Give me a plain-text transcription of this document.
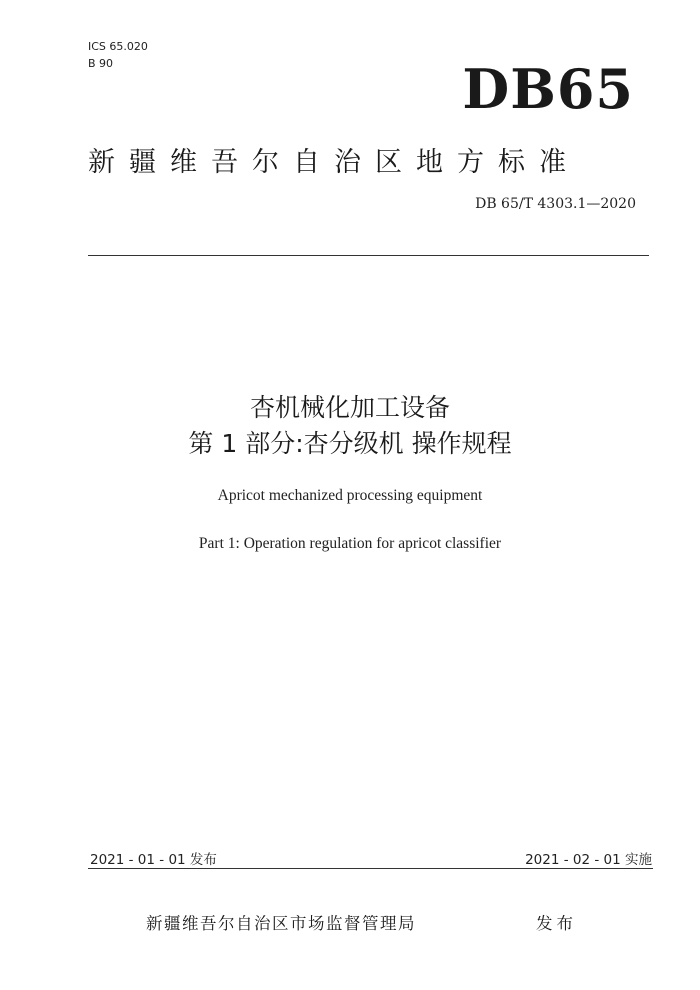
ICS 65.020
B 90	DB65
新疆维吾尔自治区地方标准
DB 65/T 4303.1—2020
杏机械化加工设备
第 1 部分:杏分级机 操作规程
Apricot mechanized processing equipment
Part 1: Operation regulation for apricot classifier
2021 - 01 - 01 发布	2021 - 02 - 01 实施
新疆维吾尔自治区市场监督管理局	发布
